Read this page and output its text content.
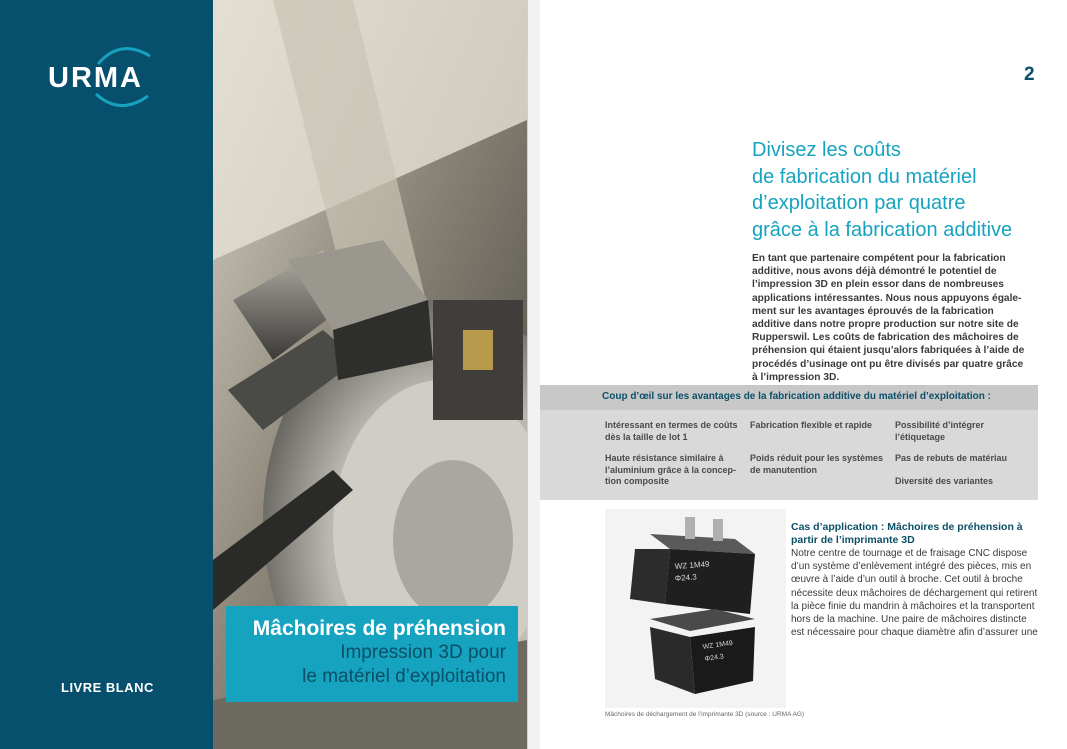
URMA
LIVRE BLANC
Mâchoires de préhension
Impression 3D pour
le matériel d’exploitation
2
Divisez les coûts
de fabrication du matériel
d’exploitation par quatre
grâce à la fabrication additive
En tant que partenaire compétent pour la fabrication
additive, nous avons déjà démontré le potentiel de
l’impression 3D en plein essor dans de nombreuses
applications intéressantes. Nous nous appuyons égale-
ment sur les avantages éprouvés de la fabrication
additive dans notre propre production sur notre site de
Rupperswil. Les coûts de fabrication des mâchoires de
préhension qui étaient jusqu’alors fabriquées à l’aide de
procédés d’usinage ont pu être divisés par quatre grâce
à l’impression 3D.
Coup d’œil sur les avantages de la fabrication additive du matériel d’exploitation :
Intéressant en termes de coûts
dès la taille de lot 1
Fabrication flexible et rapide	Possibilité d’intégrer
l’étiquetage
Haute résistance similaire à
l’aluminium grâce à la concep-
tion composite
Poids réduit pour les systèmes
de manutention
Pas de rebuts de matériau
Diversité des variantes
WZ 1M49
Φ24.3
WZ 1M49
Φ24.3
Mâchoires de déchargement de l’imprimante 3D (source : URMA AG)
Cas d’application : Mâchoires de préhension à
partir de l’imprimante 3D
Notre centre de tournage et de fraisage CNC dispose
d’un système d’enlèvement intégré des pièces, mis en
œuvre à l’aide d’un outil à broche. Cet outil à broche
nécessite deux mâchoires de déchargement qui retirent
la pièce finie du mandrin à mâchoires et la transportent
hors de la machine. Une paire de mâchoires distincte
est nécessaire pour chaque diamètre afin d’assurer une
